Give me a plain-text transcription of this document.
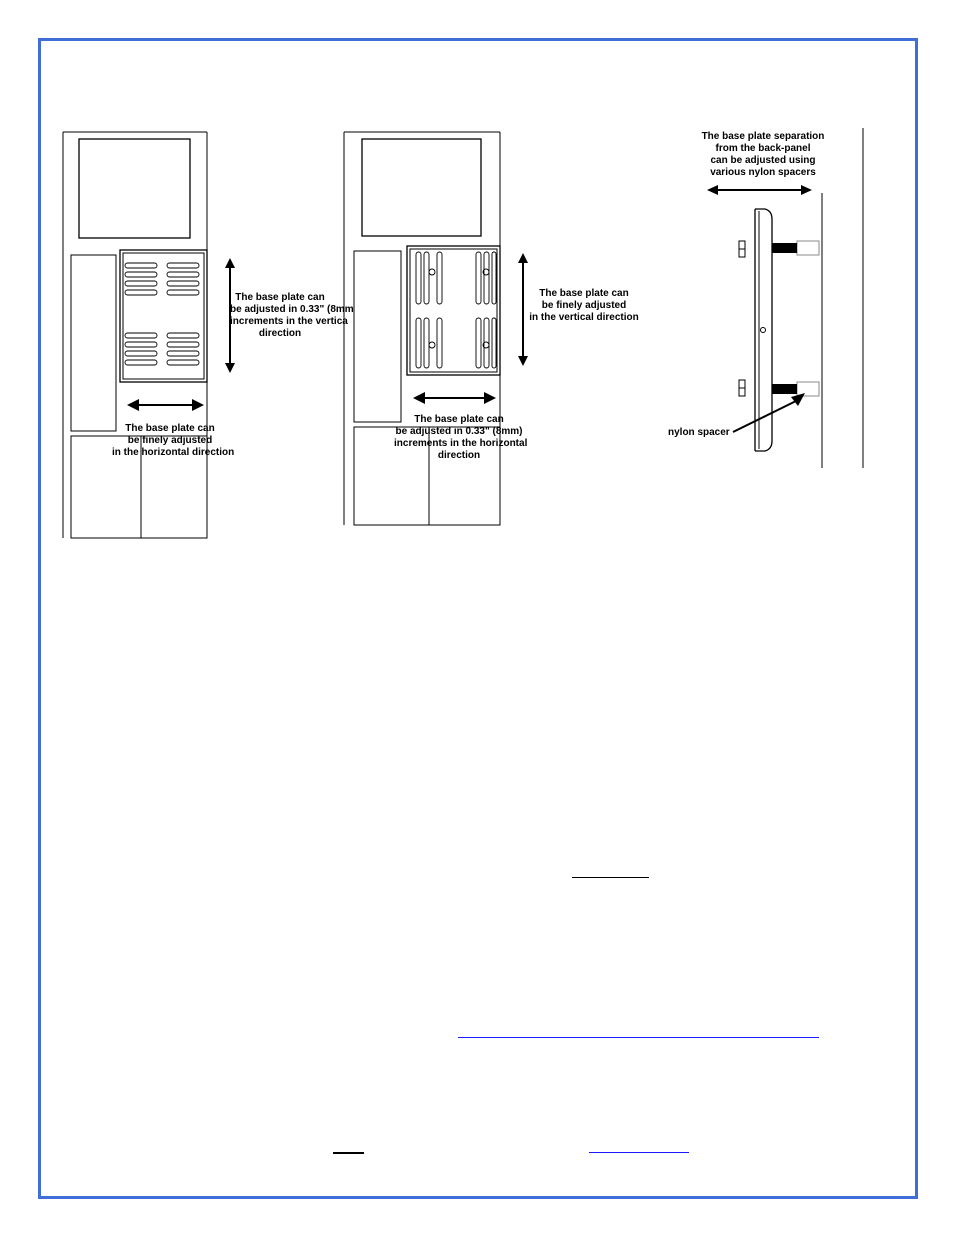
The base plate can
be adjusted in 0.33" (8mm
increments in the vertica
direction
The base plate can
be finely adjusted
in the horizontal direction
The base plate can
be finely adjusted
in the vertical direction
The base plate can
be adjusted in 0.33" (8mm)
increments in the horizontal
direction
The base plate separation
from the back-panel
can be adjusted using
various nylon spacers
nylon spacer
